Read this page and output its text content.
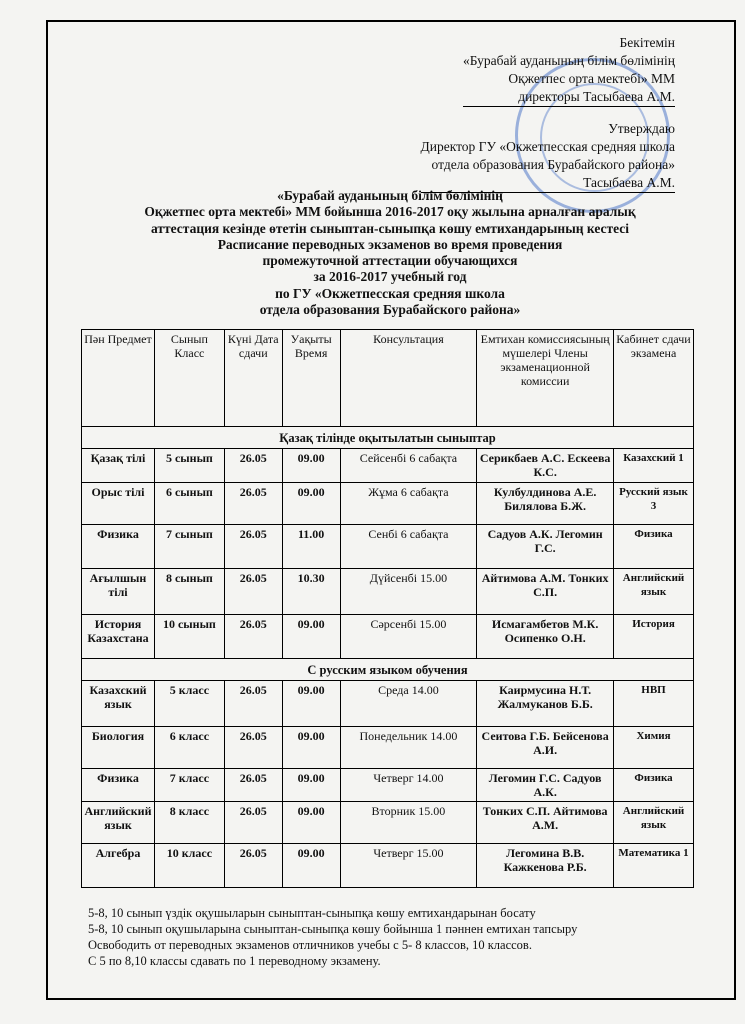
Бекітемін
«Бурабай ауданының білім бөлімінің
Оқжетпес орта мектебі» ММ
директоры Тасыбаева А.М.
Утверждаю
Директор ГУ «Окжетпесская средняя школа
отдела образования Бурабайского района»
Тасыбаева А.М.
«Бурабай ауданының білім бөлімінің
Оқжетпес орта мектебі» ММ бойынша 2016-2017 оқу жылына арналған аралық
аттестация кезінде өтетін сыныптан-сыныпқа көшу емтихандарының кестесі
Расписание переводных экзаменов во время проведения
промежуточной аттестации обучающихся
за 2016-2017 учебный год
по ГУ «Окжетпесская средняя школа
отдела образования Бурабайского района»
Пән Предмет	Сынып Класс	Күні Дата сдачи	Уақыты Время	Консультация	Емтихан комиссиясының мүшелері Члены экзаменационной комиссии	Кабинет сдачи экзамена
Қазақ тілінде оқытылатын сыныптар						
Қазақ тілі	5 сынып	26.05	09.00	Сейсенбі 6 сабақта	Серикбаев А.С. Ескеева К.С.	Казахский 1
Орыс тілі	6 сынып	26.05	09.00	Жұма 6 сабақта	Кулбулдинова А.Е. Билялова Б.Ж.	Русский язык 3
Физика	7 сынып	26.05	11.00	Сенбі 6 сабақта	Садуов А.К. Легомин Г.С.	Физика
Ағылшын тілі	8 сынып	26.05	10.30	Дүйсенбі 15.00	Айтимова А.М. Тонких С.П.	Английский язык
История Казахстана	10 сынып	26.05	09.00	Сәрсенбі 15.00	Исмагамбетов М.К. Осипенко О.Н.	История
С русским языком обучения						
Казахский язык	5 класс	26.05	09.00	Среда 14.00	Каирмусина Н.Т. Жалмуканов Б.Б.	НВП
Биология	6 класс	26.05	09.00	Понедельник 14.00	Сеитова Г.Б. Бейсенова А.И.	Химия
Физика	7 класс	26.05	09.00	Четверг 14.00	Легомин Г.С. Садуов А.К.	Физика
Английский язык	8 класс	26.05	09.00	Вторник 15.00	Тонких С.П. Айтимова А.М.	Английский язык
Алгебра	10 класс	26.05	09.00	Четверг 15.00	Легомина В.В. Кажкенова Р.Б.	Математика 1
5-8, 10 сынып үздік оқушыларын сыныптан-сыныпқа көшу емтихандарынан босату
5-8, 10 сынып оқушыларына сыныптан-сыныпқа көшу бойынша 1 пәннен емтихан тапсыру
Освободить от переводных экзаменов отличников учебы с 5- 8 классов, 10 классов.
С 5 по 8,10 классы сдавать по 1 переводному экзамену.
